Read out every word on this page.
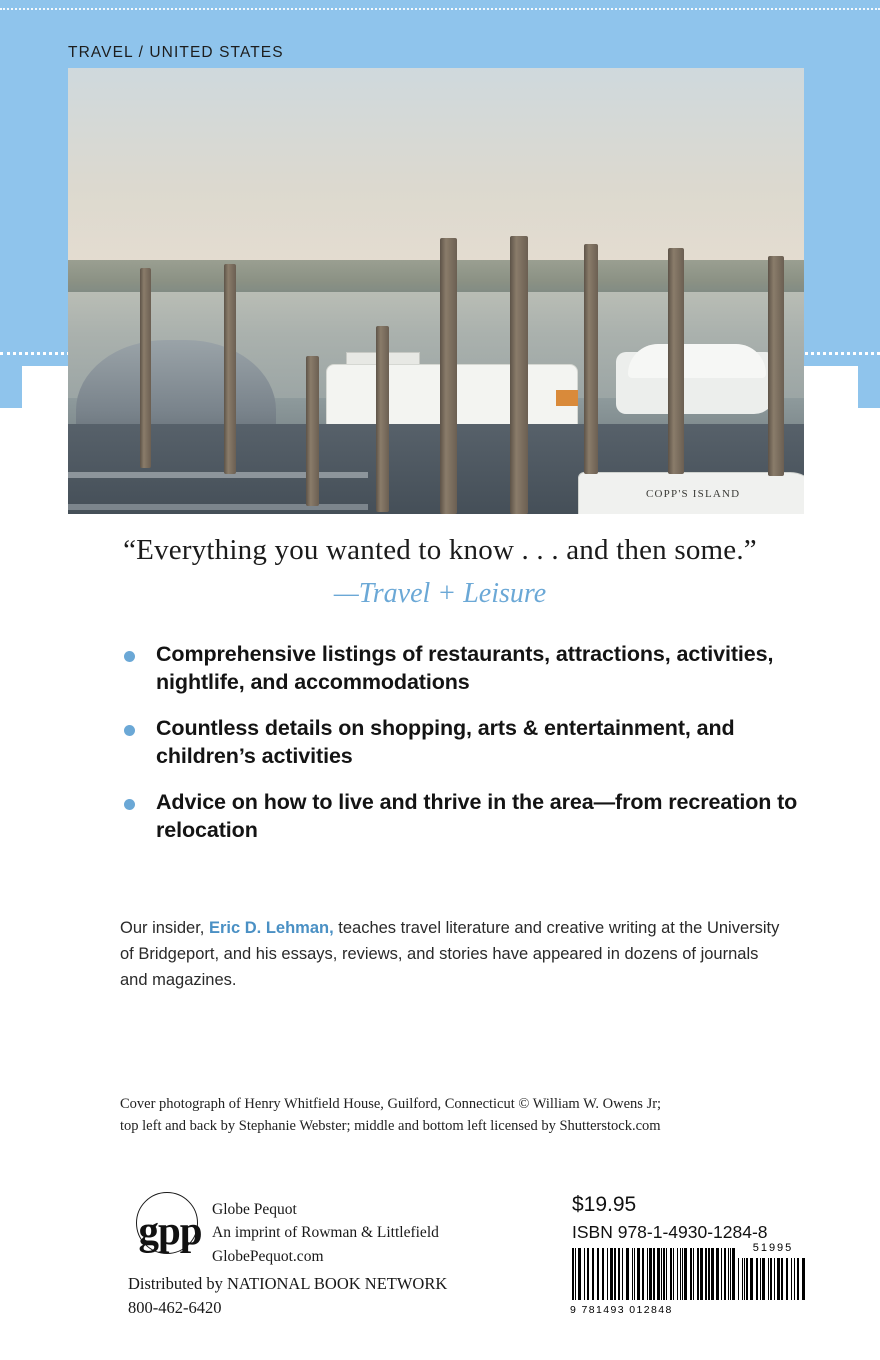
TRAVEL / UNITED STATES
COPP'S ISLAND
“Everything you wanted to know . . . and then some.”
—Travel + Leisure
Comprehensive listings of restaurants, attractions, activities, nightlife, and accommodations
Countless details on shopping, arts & entertainment, and children’s activities
Advice on how to live and thrive in the area—from recreation to relocation
Our insider, Eric D. Lehman, teaches travel literature and creative writing at the University of Bridgeport, and his essays, reviews, and stories have appeared in dozens of journals and magazines.
Cover photograph of Henry Whitfield House, Guilford, Connecticut © William W. Owens Jr;
top left and back by Stephanie Webster; middle and bottom left licensed by Shutterstock.com
gpp Globe Pequot
An imprint of Rowman & Littlefield
GlobePequot.com
Distributed by NATIONAL BOOK NETWORK
800-462-6420
$19.95
ISBN 978-1-4930-1284-8
9 781493 012848
51995
